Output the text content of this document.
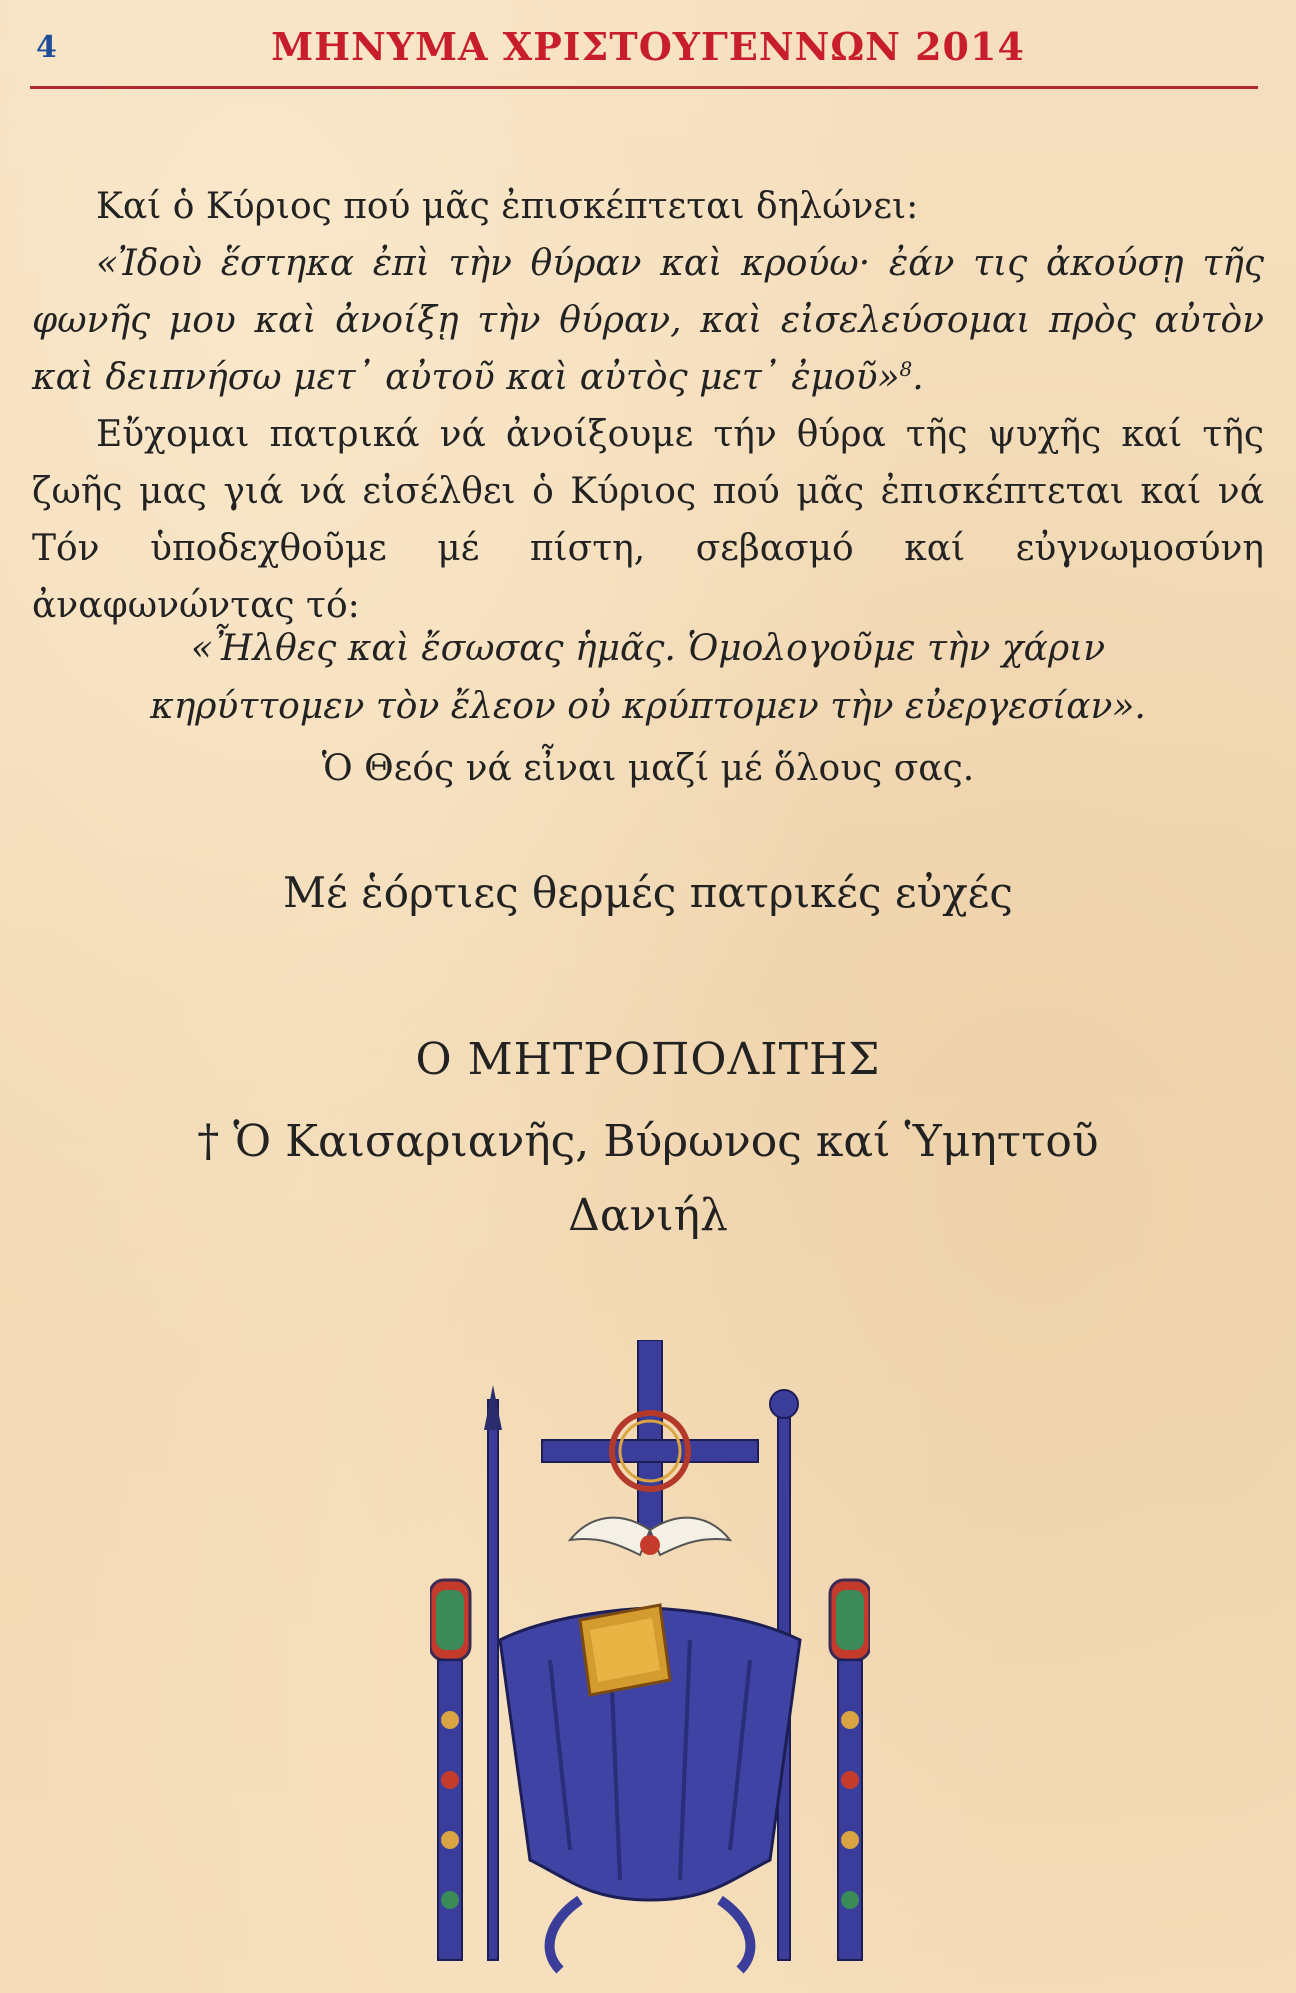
4	ΜΗΝΥΜΑ ΧΡΙΣΤΟΥΓΕΝΝΩΝ 2014

Καί ὁ Κύριος πού μᾶς ἐπισκέπτεται δηλώνει:

«Ἰδοὺ ἕστηκα ἐπὶ τὴν θύραν καὶ κρούω· ἐάν τις ἀκούσῃ τῆς φωνῆς μου καὶ ἀνοίξῃ τὴν θύραν, καὶ εἰσελεύσομαι πρὸς αὐτὸν καὶ δειπνήσω μετ᾽ αὐτοῦ καὶ αὐτὸς μετ᾽ ἐμοῦ»$^8$.

Εὔχομαι πατρικά νά ἀνοίξουμε τήν θύρα τῆς ψυχῆς καί τῆς ζωῆς μας γιά νά εἰσέλθει ὁ Κύριος πού μᾶς ἐπισκέπτεται καί νά Τόν ὑποδεχθοῦμε μέ πίστη, σεβασμό καί εὐγνωμοσύνη ἀναφωνώντας τό:

«Ἦλθες καὶ ἔσωσας ἡμᾶς. Ὁμολογοῦμε τὴν χάριν
κηρύττομεν τὸν ἔλεον οὐ κρύπτομεν τὴν εὐεργεσίαν».
Ὁ Θεός νά εἶναι μαζί μέ ὅλους σας.
Μέ ἑόρτιες θερμές πατρικές εὐχές
Ο ΜΗΤΡΟΠΟΛΙΤΗΣ
† Ὁ Καισαριανῆς, Βύρωνος καί Ὑμηττοῦ
Δανιήλ
